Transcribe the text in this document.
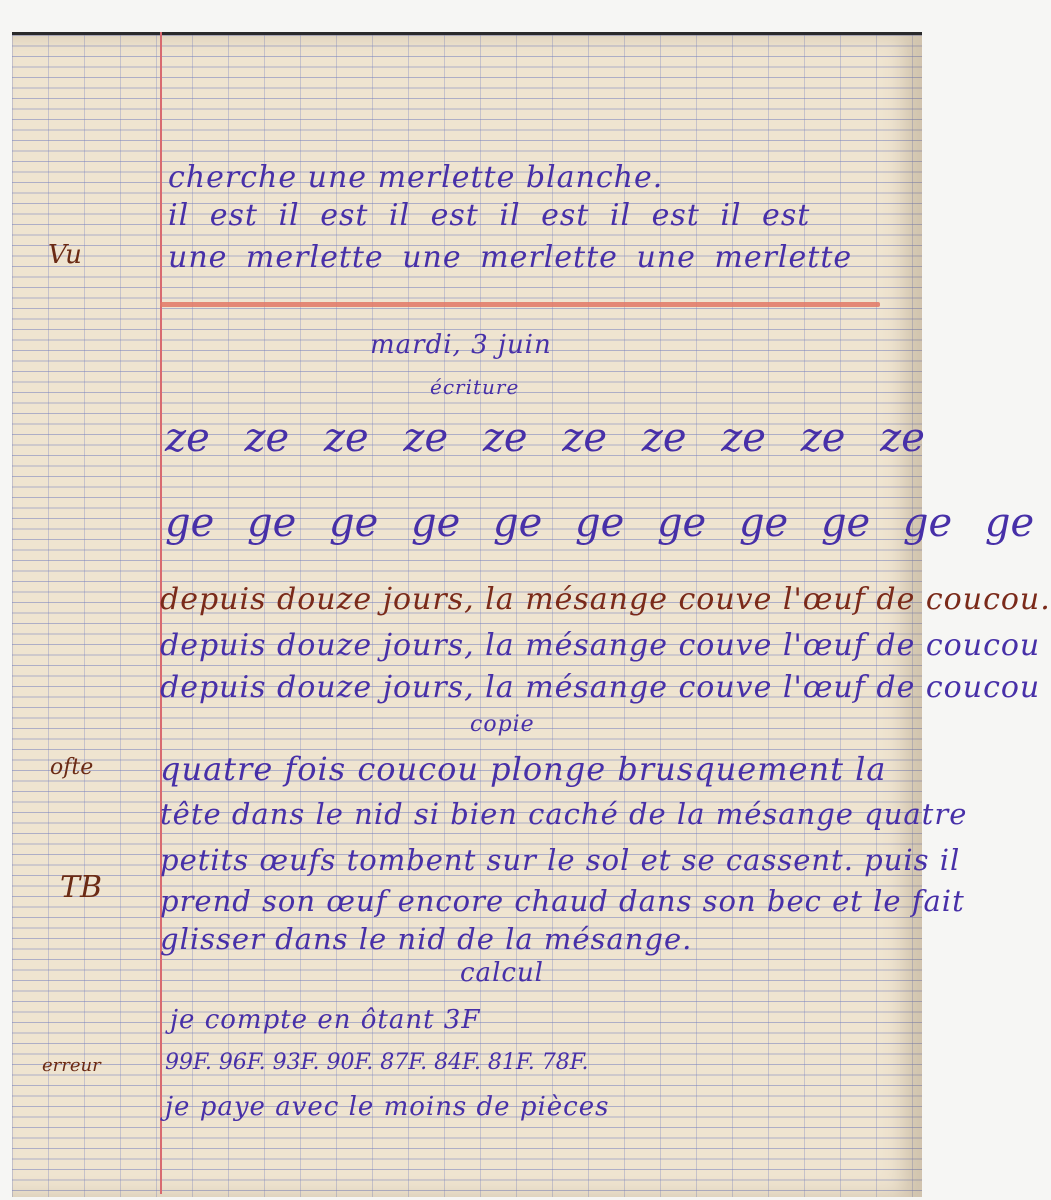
Vu
ofte
TB
erreur
cherche une merlette blanche.
il est il est il est il est il est il est
une merlette une merlette une merlette
mardi, 3 juin
écriture
ze ze ze ze ze ze ze ze ze ze
ge ge ge ge ge ge ge ge ge ge ge
depuis douze jours, la mésange couve l'œuf de coucou.
depuis douze jours, la mésange couve l'œuf de coucou
depuis douze jours, la mésange couve l'œuf de coucou
copie
quatre fois coucou plonge brusquement la
tête dans le nid si bien caché de la mésange quatre
petits œufs tombent sur le sol et se cassent. puis il
prend son œuf encore chaud dans son bec et le fait
glisser dans le nid de la mésange.
calcul
je compte en ôtant 3F
99F. 96F. 93F. 90F. 87F. 84F. 81F. 78F.
je paye avec le moins de pièces
